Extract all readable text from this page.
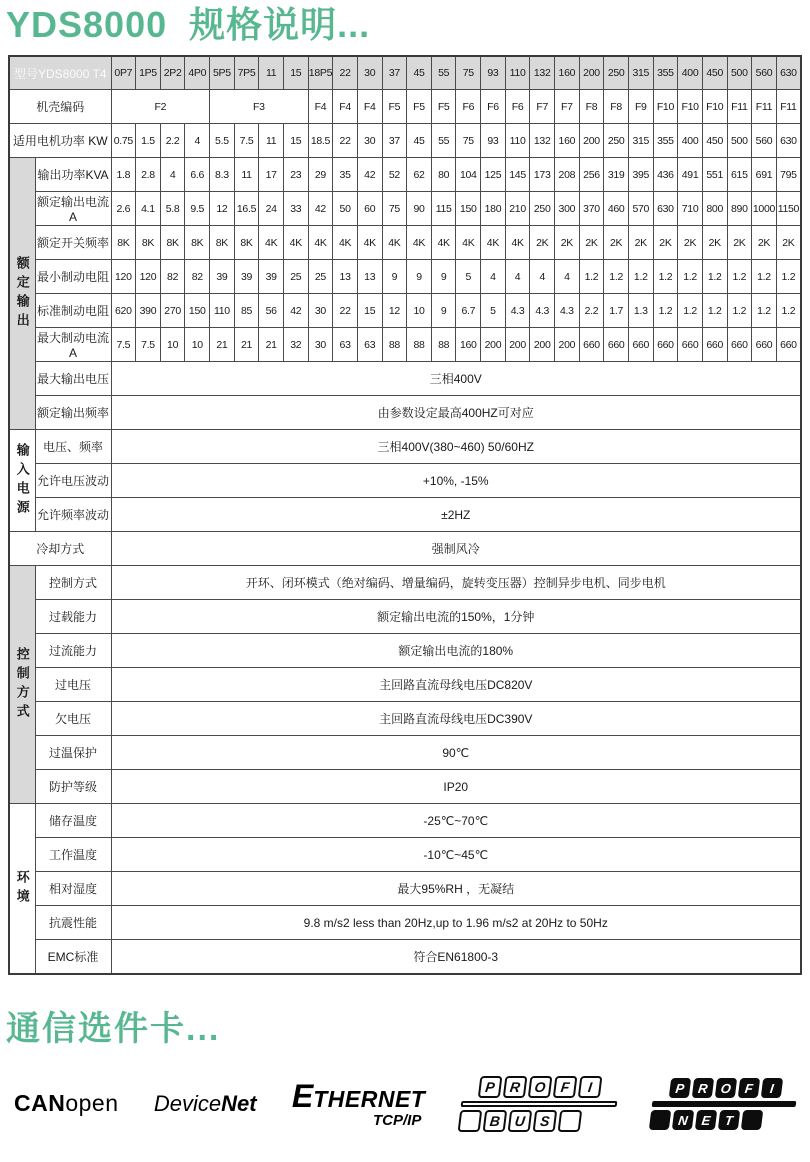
YDS8000  规格说明...
型号YDS8000 T4		0P7	1P5	2P2	4P0	5P5	7P5	11	15	18P5	22	30	37	45	55	75	93	110	132	160	200	250	315	355	400	450	500	560	630
机壳编码		F2				F3				F4	F4	F4	F5	F5	F5	F6	F6	F6	F7	F7	F8	F8	F9	F10	F10	F10	F11	F11	F11
适用电机功率 KW		0.75	1.5	2.2	4	5.5	7.5	11	15	18.5	22	30	37	45	55	75	93	110	132	160	200	250	315	355	400	450	500	560	630

额定输出	输出功率KVA	1.8	2.8	4	6.6	8.3	11	17	23	29	35	42	52	62	80	104	125	145	173	208	256	319	395	436	491	551	615	691	795
	额定输出电流A	2.6	4.1	5.8	9.5	12	16.5	24	33	42	50	60	75	90	115	150	180	210	250	300	370	460	570	630	710	800	890	1000	1150
	额定开关频率	8K	8K	8K	8K	8K	8K	4K	4K	4K	4K	4K	4K	4K	4K	4K	4K	4K	2K	2K	2K	2K	2K	2K	2K	2K	2K	2K	2K
	最小制动电阻	120	120	82	82	39	39	39	25	25	13	13	9	9	9	5	4	4	4	4	1.2	1.2	1.2	1.2	1.2	1.2	1.2	1.2	1.2
	标准制动电阻	620	390	270	150	110	85	56	42	30	22	15	12	10	9	6.7	5	4.3	4.3	4.3	2.2	1.7	1.3	1.2	1.2	1.2	1.2	1.2	1.2
	最大制动电流A	7.5	7.5	10	10	21	21	21	32	30	63	63	88	88	88	160	200	200	200	200	660	660	660	660	660	660	660	660	660
	最大输出电压	三相400V																											
	额定输出频率	由参数设定最高400HZ可对应																											

输入电源	电压、频率	三相400V(380~460) 50/60HZ																											
	允许电压波动	+10%, -15%																											
	允许频率波动	±2HZ																											
冷却方式		强制风冷																											

控制方式	控制方式	开环、闭环模式（绝对编码、增量编码，旋转变压器）控制异步电机、同步电机																											
	过载能力	额定输出电流的150%，1分钟																											
	过流能力	额定输出电流的180%																											
	过电压	主回路直流母线电压DC820V																											
	欠电压	主回路直流母线电压DC390V																											
	过温保护	90℃																											
	防护等级	IP20																											

环境	储存温度	-25℃~70℃																											
	工作温度	-10℃~45℃																											
	相对湿度	最大95%RH ，无凝结																											
	抗震性能	9.8 m/s2 less than 20Hz,up to 1.96 m/s2 at 20Hz to 50Hz																											
	EMC标准	符合EN61800-3																											
通信选件卡...
CANopen DeviceNet ETHERNET
TCP/IP
P R O F	I
B U S
P R O F	I
N E T
